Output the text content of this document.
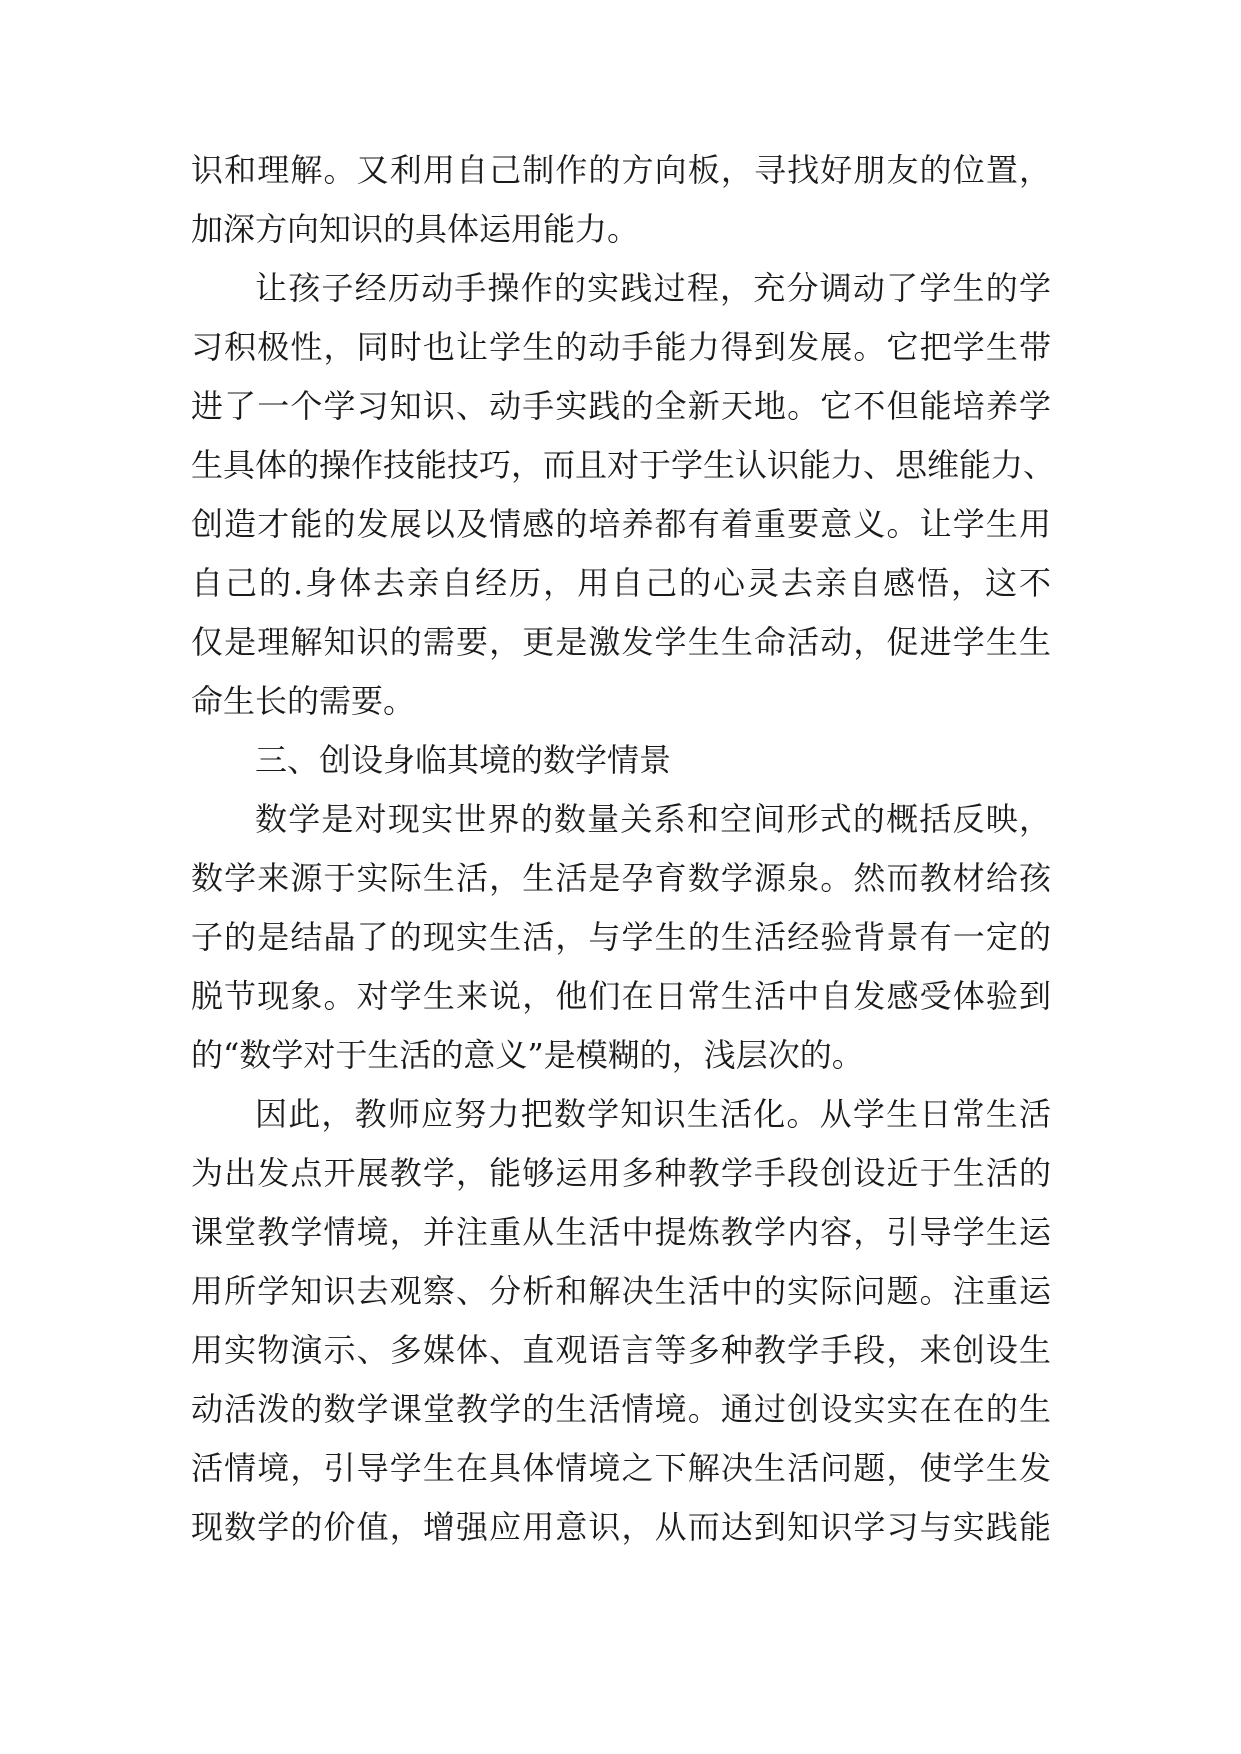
识和理解。又利用自己制作的方向板，寻找好朋友的位置，
加深方向知识的具体运用能力。
让孩子经历动手操作的实践过程，充分调动了学生的学
习积极性，同时也让学生的动手能力得到发展。它把学生带
进了一个学习知识、动手实践的全新天地。它不但能培养学
生具体的操作技能技巧，而且对于学生认识能力、思维能力、
创造才能的发展以及情感的培养都有着重要意义。让学生用
自己的.身体去亲自经历，用自己的心灵去亲自感悟，这不
仅是理解知识的需要，更是激发学生生命活动，促进学生生
命生长的需要。
三、创设身临其境的数学情景
数学是对现实世界的数量关系和空间形式的概括反映，
数学来源于实际生活，生活是孕育数学源泉。然而教材给孩
子的是结晶了的现实生活，与学生的生活经验背景有一定的
脱节现象。对学生来说，他们在日常生活中自发感受体验到
的“数学对于生活的意义”是模糊的，浅层次的。
因此，教师应努力把数学知识生活化。从学生日常生活
为出发点开展教学，能够运用多种教学手段创设近于生活的
课堂教学情境，并注重从生活中提炼教学内容，引导学生运
用所学知识去观察、分析和解决生活中的实际问题。注重运
用实物演示、多媒体、直观语言等多种教学手段，来创设生
动活泼的数学课堂教学的生活情境。通过创设实实在在的生
活情境，引导学生在具体情境之下解决生活问题，使学生发
现数学的价值，增强应用意识，从而达到知识学习与实践能
